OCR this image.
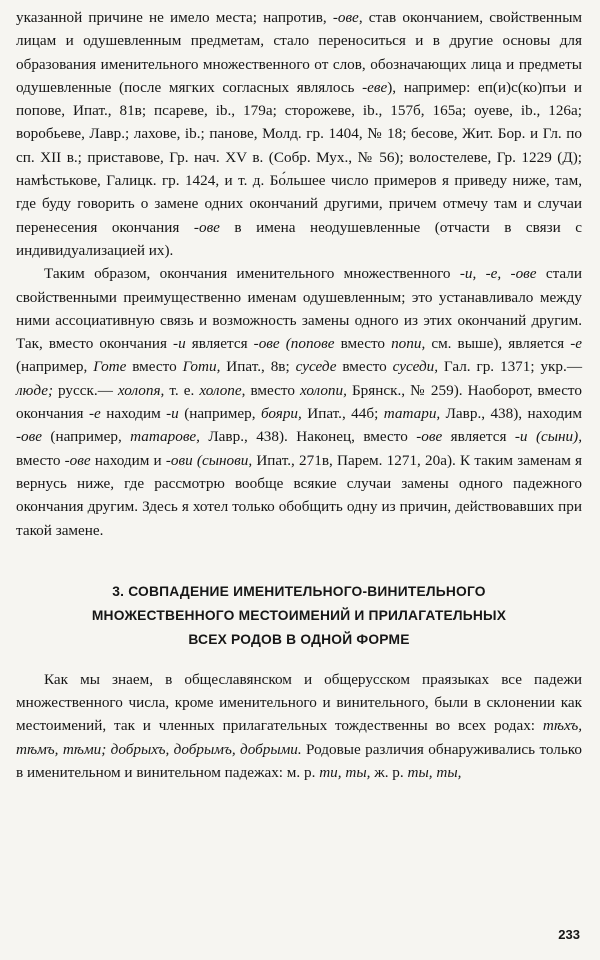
указанной причине не имело места; напротив, -ове, став окончанием, свойственным лицам и одушевленным предметам, стало переноситься и в другие основы для образования именительного множественного от слов, обозначающих лица и предметы одушевленные (после мягких согласных являлось -еве), например: еп(и)с(ко)пъи и попове, Ипат., 81в; псареве, ib., 179а; сторожеве, ib., 157б, 165а; оуеве, ib., 126а; воробьеве, Лавр.; лахове, ib.; панове, Молд. гр. 1404, № 18; бесове, Жит. Бор. и Гл. по сп. XII в.; приставове, Гр. нач. XV в. (Собр. Мух., № 56); волостелеве, Гр. 1229 (Д); намѣстькове, Галицк. гр. 1424, и т. д. Бо́льшее число примеров я приведу ниже, там, где буду говорить о замене одних окончаний другими, причем отмечу там и случаи перенесения окончания -ове в имена неодушевленные (отчасти в связи с индивидуализацией их).

Таким образом, окончания именительного множественного -и, -е, -ове стали свойственными преимущественно именам одушевленным; это устанавливало между ними ассоциативную связь и возможность замены одного из этих окончаний другим. Так, вместо окончания -и является -ове (попове вместо попи, см. выше), является -е (например, Готе вместо Готи, Ипат., 8в; суседе вместо суседи, Гал. гр. 1371; укр.— люде; русск.— холопя, т. е. холопе, вместо холопи, Брянск., № 259). Наоборот, вместо окончания -е находим -и (например, бояри, Ипат., 44б; татари, Лавр., 438), находим -ове (например, татарове, Лавр., 438). Наконец, вместо -ове является -и (сыни), вместо -ове находим и -ови (сынови, Ипат., 271в, Парем. 1271, 20а). К таким заменам я вернусь ниже, где рассмотрю вообще всякие случаи замены одного падежного окончания другим. Здесь я хотел только обобщить одну из причин, действовавших при такой замене.

3. СОВПАДЕНИЕ ИМЕНИТЕЛЬНОГО-ВИНИТЕЛЬНОГО
МНОЖЕСТВЕННОГО МЕСТОИМЕНИЙ И ПРИЛАГАТЕЛЬНЫХ
ВСЕХ РОДОВ В ОДНОЙ ФОРМЕ

Как мы знаем, в общеславянском и общерусском праязыках все падежи множественного числа, кроме именительного и винительного, были в склонении как местоимений, так и членных прилагательных тождественны во всех родах: тѣхъ, тѣмъ, тѣми; добрыхъ, добрымъ, добрыми. Родовые различия обнаруживались только в именительном и винительном падежах: м. р. ти, ты, ж. р. ты, ты,

233
